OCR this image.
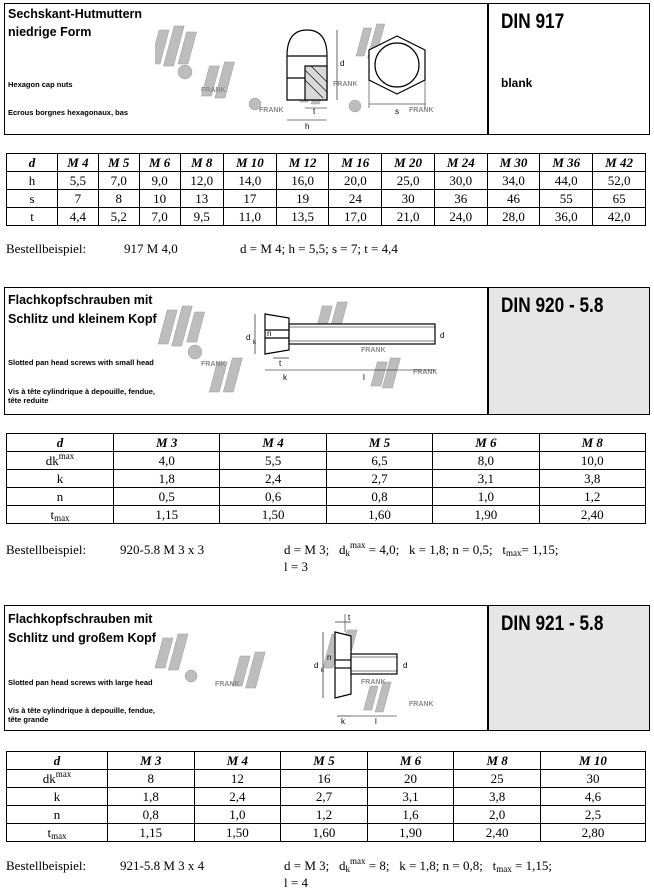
Sechskant-Hutmuttern
niedrige Form
Hexagon cap nuts
Ecrous borgnes hexagonaux, bas
FRANK
FRANK
FRANK
FRANK
d
t
h
s
DIN 917
blank
d	M 4	M 5	M 6	M 8	M 10	M 12	M 16	M 20	M 24	M 30	M 36	M 42
h	5,5	7,0	9,0	12,0	14,0	16,0	20,0	25,0	30,0	34,0	44,0	52,0
s	7	8	10	13	17	19	24	30	36	46	55	65
t	4,4	5,2	7,0	9,5	11,0	13,5	17,0	21,0	24,0	28,0	36,0	42,0
Bestellbeispiel:	917 M 4,0	d = M 4; h = 5,5; s = 7; t = 4,4
Flachkopfschrauben mit
Schlitz und kleinem Kopf
Slotted pan head screws with small head
Vis à tête cylindrique à depouille, fendue,
tête reduite
FRANK
FRANK
FRANK
d
k
n	d
t
k	l
DIN 920 - 5.8
d	M 3	M 4	M 5	M 6	M 8
$dk^{max}$	4,0	5,5	6,5	8,0	10,0
k	1,8	2,4	2,7	3,1	3,8
n	0,5	0,6	0,8	1,0	1,2
$t_{max}$	1,15	1,50	1,60	1,90	2,40
Bestellbeispiel:	920-5.8 M 3 x 3	d = M 3; $d_k^{max} = 4,0$; k = 1,8; n = 0,5; $t_{max}= 1,15$;
l = 3
Flachkopfschrauben mit
Schlitz und großem Kopf
Slotted pan head screws with large head
Vis à tête cylindrique à depouille, fendue,
tête grande
FRANK	FRANK
FRANK
d
k
n
d
t
k	l
DIN 921 - 5.8
d	M 3	M 4	M 5	M 6	M 8	M 10
$dk^{max}$	8	12	16	20	25	30
k	1,8	2,4	2,7	3,1	3,8	4,6
n	0,8	1,0	1,2	1,6	2,0	2,5
$t_{max}$	1,15	1,50	1,60	1,90	2,40	2,80
Bestellbeispiel:	921-5.8 M 3 x 4	d = M 3; $d_k^{max} = 8$; k = 1,8; n = 0,8; $t_{max} = 1,15$;
l = 4
